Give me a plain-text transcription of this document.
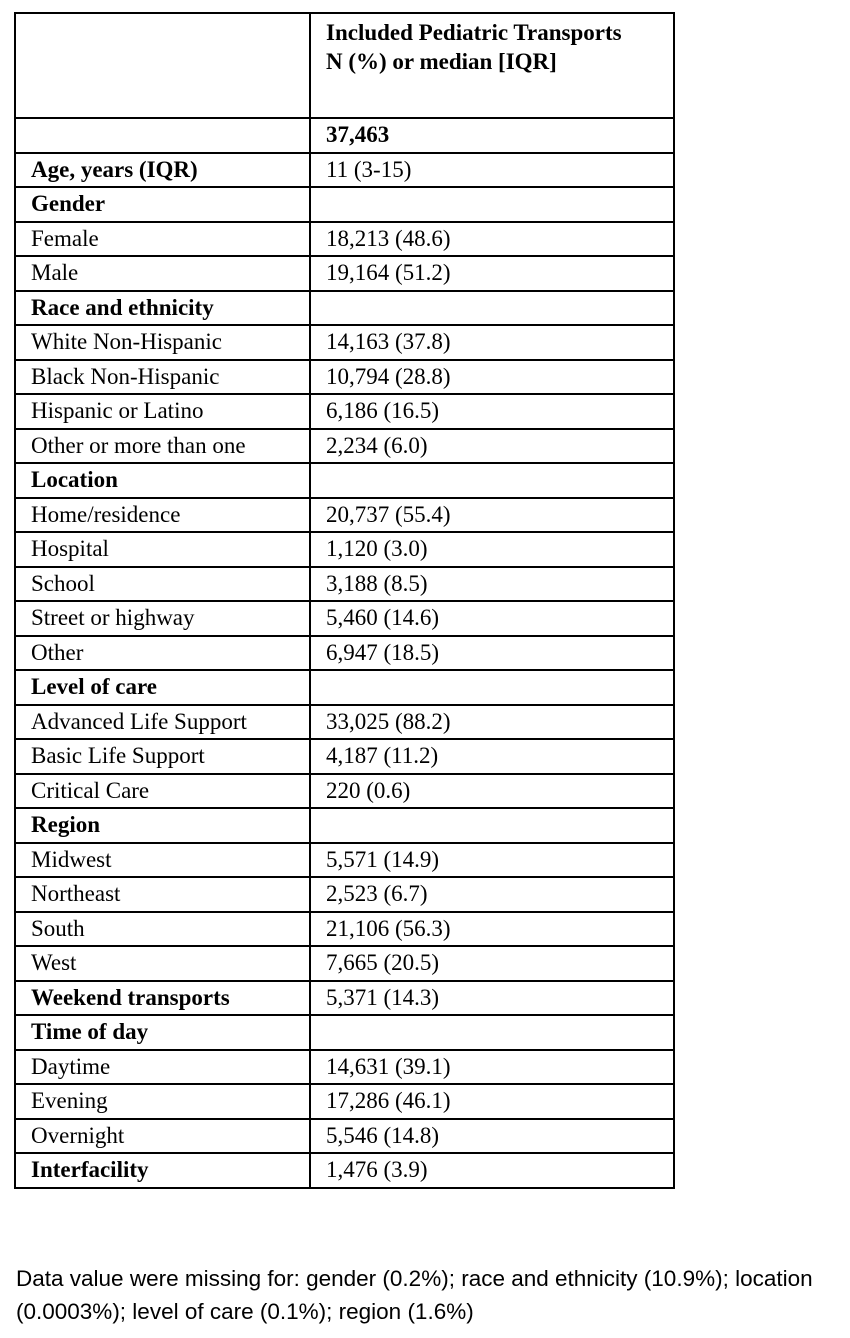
	Included Pediatric Transports
N (%) or median [IQR]
	37,463
Age, years (IQR)	11 (3-15)
Gender	
Female	18,213 (48.6)
Male	19,164 (51.2)
Race and ethnicity	
White Non-Hispanic	14,163 (37.8)
Black Non-Hispanic	10,794 (28.8)
Hispanic or Latino	6,186 (16.5)
Other or more than one	2,234 (6.0)
Location	
Home/residence	20,737 (55.4)
Hospital	1,120 (3.0)
School	3,188 (8.5)
Street or highway	5,460 (14.6)
Other	6,947 (18.5)
Level of care	
Advanced Life Support	33,025 (88.2)
Basic Life Support	4,187 (11.2)
Critical Care	220 (0.6)
Region	
Midwest	5,571 (14.9)
Northeast	2,523 (6.7)
South	21,106 (56.3)
West	7,665 (20.5)
Weekend transports	5,371 (14.3)
Time of day	
Daytime	14,631 (39.1)
Evening	17,286 (46.1)
Overnight	5,546 (14.8)
Interfacility	1,476 (3.9)

Data value were missing for: gender (0.2%); race and ethnicity (10.9%); location (0.0003%); level of care (0.1%); region (1.6%)
